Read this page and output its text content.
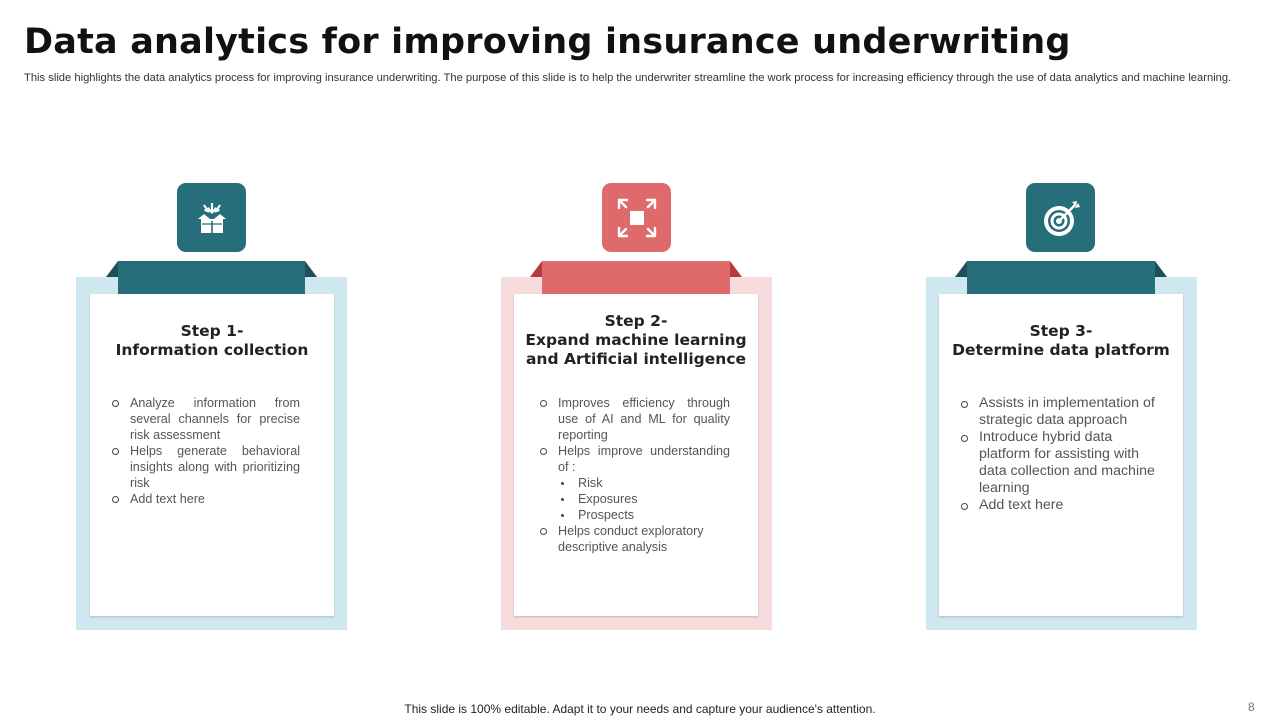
Data analytics for improving insurance underwriting
This slide highlights the data analytics process for improving insurance underwriting. The purpose of this slide is to help the underwriter streamline the work process for increasing efficiency through the use of data analytics and machine learning.
Step 1-
Information collection
Analyze information from several channels for precise risk assessment
Helps generate behavioral insights along with prioritizing risk
Add text here
Step 2-
Expand machine learning
and Artificial intelligence
Improves efficiency through use of AI and ML for quality reporting
Helps improve understanding of :
Risk
Exposures
Prospects
Helps conduct exploratory descriptive analysis
Step 3-
Determine data platform
Assists in implementation of strategic data approach
Introduce hybrid data platform for assisting with data collection and machine learning
Add text here
This slide is 100% editable. Adapt it to your needs and capture your audience's attention.	8
